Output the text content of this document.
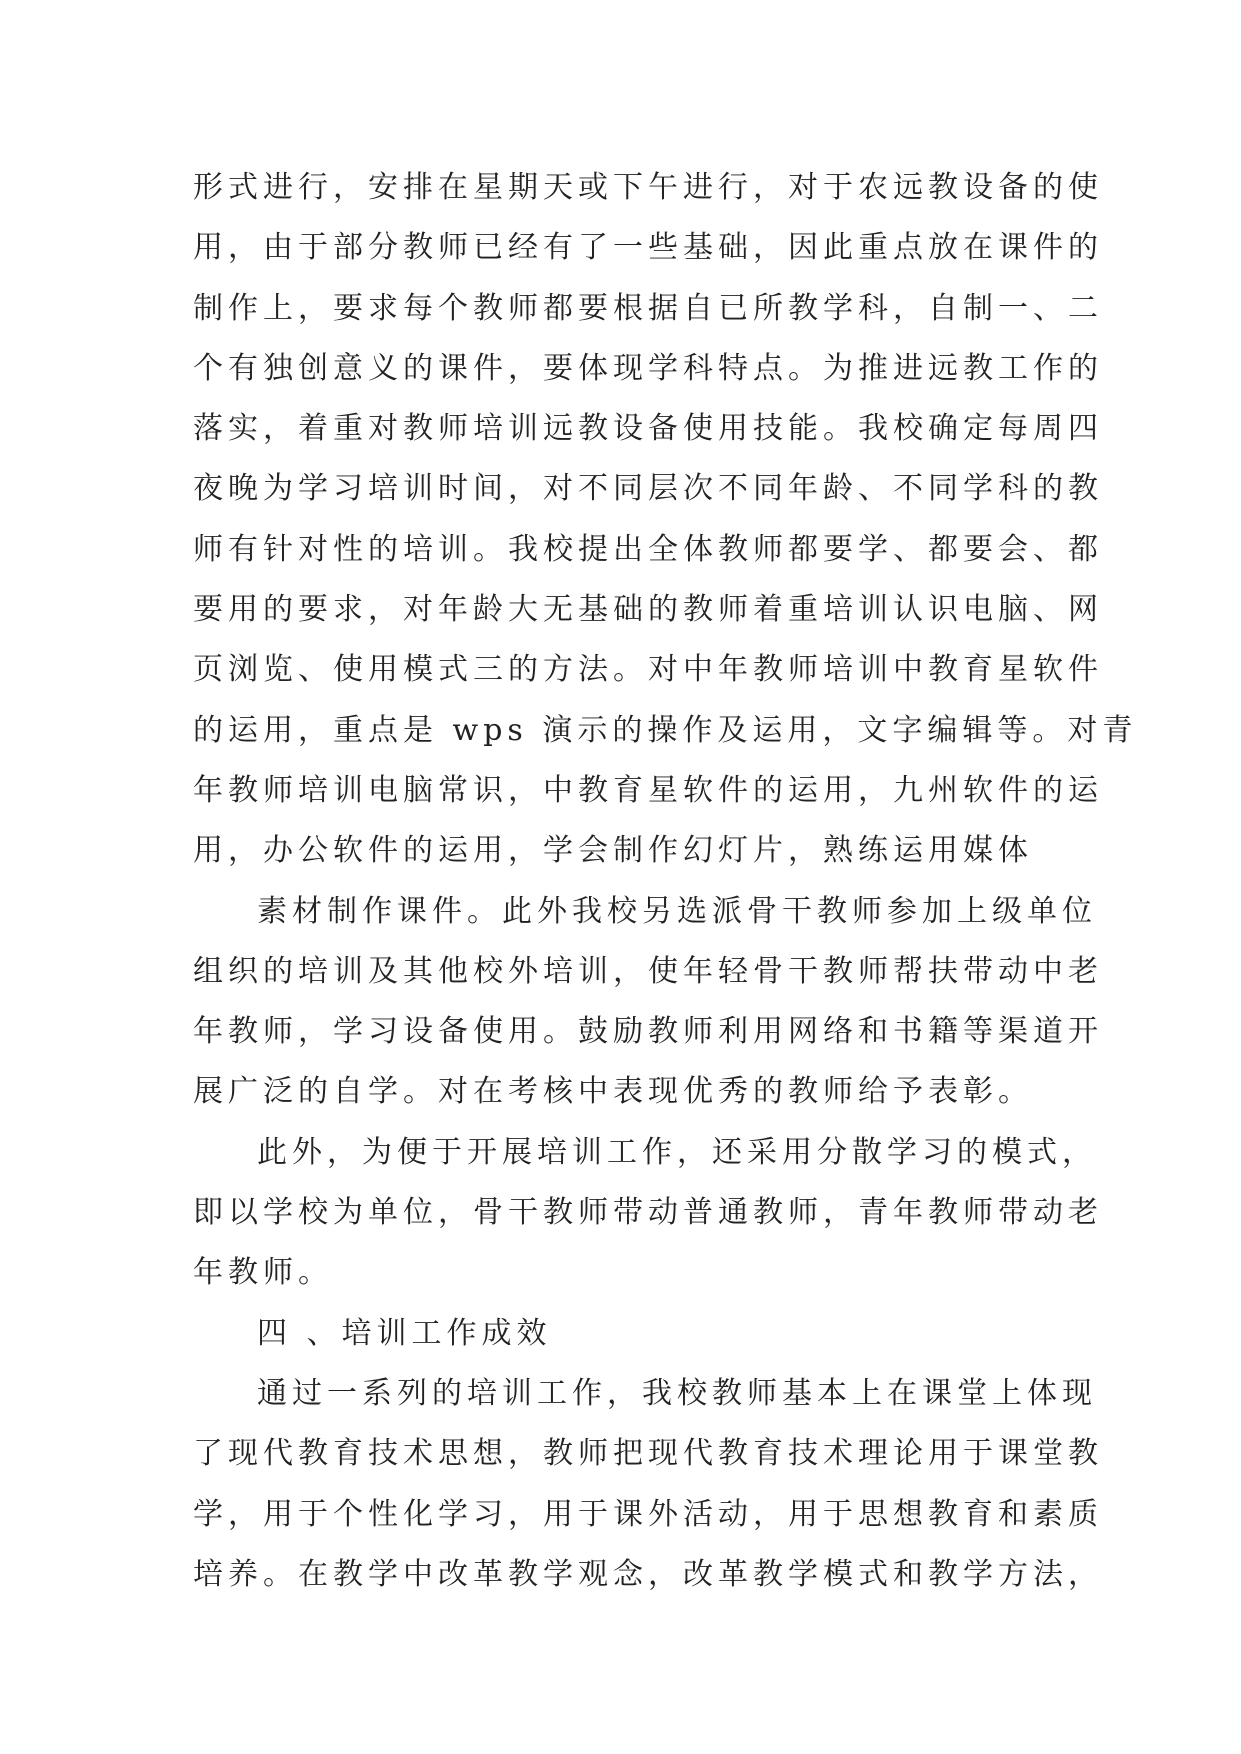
形式进行，安排在星期天或下午进行，对于农远教设备的使
用，由于部分教师已经有了一些基础，因此重点放在课件的
制作上，要求每个教师都要根据自已所教学科，自制一、二
个有独创意义的课件，要体现学科特点。为推进远教工作的
落实，着重对教师培训远教设备使用技能。我校确定每周四
夜晚为学习培训时间，对不同层次不同年龄、不同学科的教
师有针对性的培训。我校提出全体教师都要学、都要会、都
要用的要求，对年龄大无基础的教师着重培训认识电脑、网
页浏览、使用模式三的方法。对中年教师培训中教育星软件
的运用，重点是 wps 演示的操作及运用，文字编辑等。对青
年教师培训电脑常识，中教育星软件的运用，九州软件的运
用，办公软件的运用，学会制作幻灯片，熟练运用媒体
素材制作课件。此外我校另选派骨干教师参加上级单位
组织的培训及其他校外培训，使年轻骨干教师帮扶带动中老
年教师，学习设备使用。鼓励教师利用网络和书籍等渠道开
展广泛的自学。对在考核中表现优秀的教师给予表彰。
此外，为便于开展培训工作，还采用分散学习的模式，
即以学校为单位，骨干教师带动普通教师，青年教师带动老
年教师。
四 、培训工作成效
通过一系列的培训工作，我校教师基本上在课堂上体现
了现代教育技术思想，教师把现代教育技术理论用于课堂教
学，用于个性化学习，用于课外活动，用于思想教育和素质
培养。在教学中改革教学观念，改革教学模式和教学方法，
